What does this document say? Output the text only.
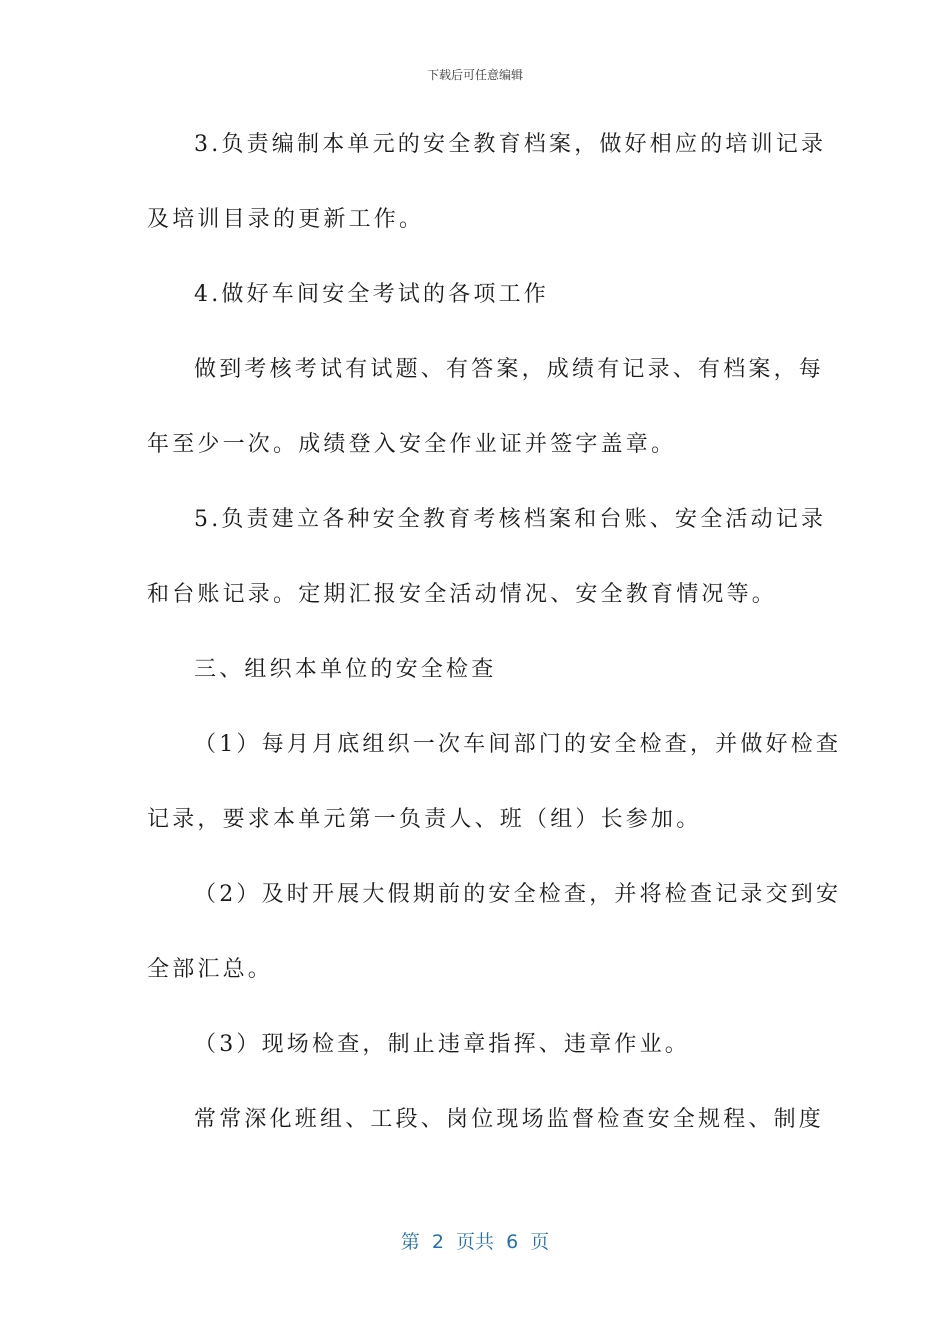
下载后可任意编辑
3.负责编制本单元的安全教育档案，做好相应的培训记录
及培训目录的更新工作。
4.做好车间安全考试的各项工作
做到考核考试有试题、有答案，成绩有记录、有档案，每
年至少一次。成绩登入安全作业证并签字盖章。
5.负责建立各种安全教育考核档案和台账、安全活动记录
和台账记录。定期汇报安全活动情况、安全教育情况等。
三、组织本单位的安全检查
（1）每月月底组织一次车间部门的安全检查，并做好检查
记录，要求本单元第一负责人、班（组）长参加。
（2）及时开展大假期前的安全检查，并将检查记录交到安
全部汇总。
（3）现场检查，制止违章指挥、违章作业。
常常深化班组、工段、岗位现场监督检查安全规程、制度
第  2  页共  6  页
